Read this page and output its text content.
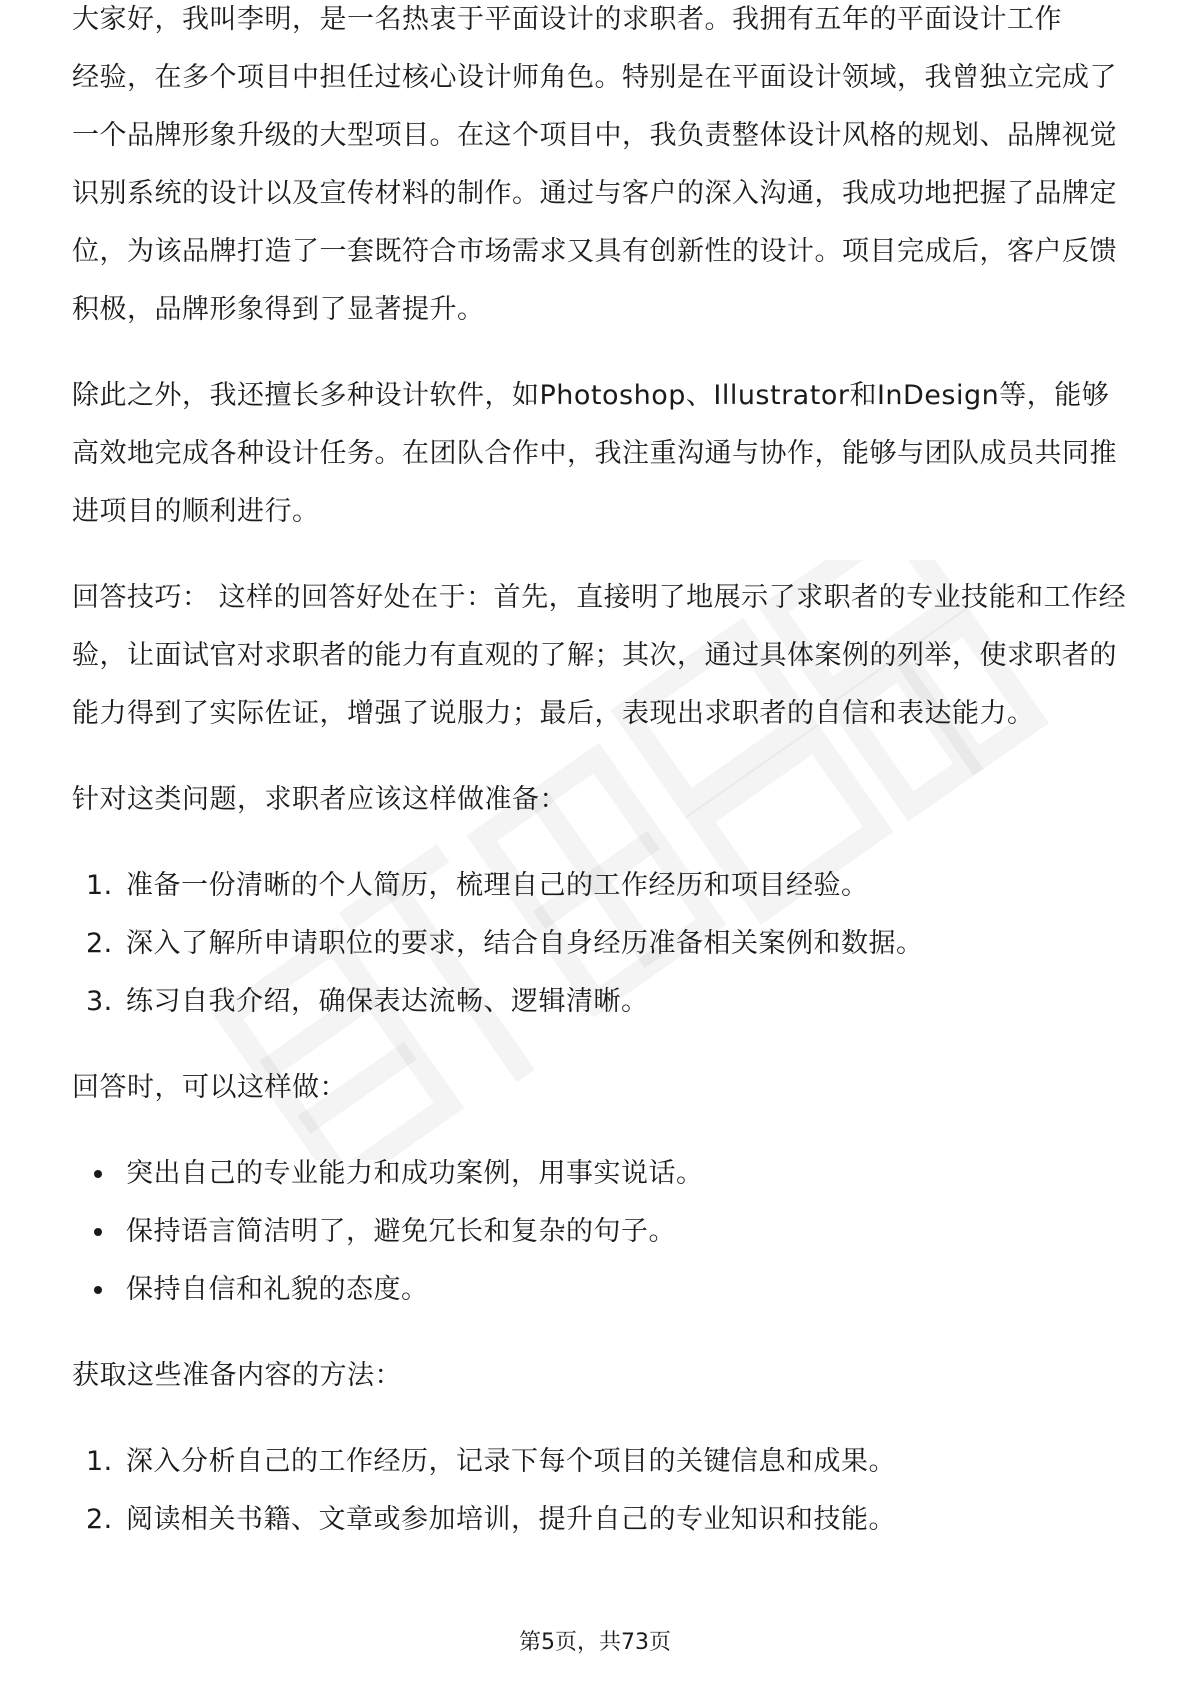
大家好，我叫李明，是一名热衷于平面设计的求职者。我拥有五年的平面设计工作

经验，在多个项目中担任过核心设计师角色。特别是在平面设计领域，我曾独立完成了一个品牌形象升级的大型项目。在这个项目中，我负责整体设计风格的规划、品牌视觉识别系统的设计以及宣传材料的制作。通过与客户的深入沟通，我成功地把握了品牌定位，为该品牌打造了一套既符合市场需求又具有创新性的设计。项目完成后，客户反馈积极，品牌形象得到了显著提升。

除此之外，我还擅长多种设计软件，如Photoshop、Illustrator和InDesign等，能够高效地完成各种设计任务。在团队合作中，我注重沟通与协作，能够与团队成员共同推进项目的顺利进行。

回答技巧： 这样的回答好处在于：首先，直接明了地展示了求职者的专业技能和工作经验，让面试官对求职者的能力有直观的了解；其次，通过具体案例的列举，使求职者的能力得到了实际佐证，增强了说服力；最后，表现出求职者的自信和表达能力。

针对这类问题，求职者应该这样做准备：

1. 准备一份清晰的个人简历，梳理自己的工作经历和项目经验。
2. 深入了解所申请职位的要求，结合自身经历准备相关案例和数据。
3. 练习自我介绍，确保表达流畅、逻辑清晰。

回答时，可以这样做：

突出自己的专业能力和成功案例，用事实说话。
保持语言简洁明了，避免冗长和复杂的句子。
保持自信和礼貌的态度。

获取这些准备内容的方法：

1. 深入分析自己的工作经历，记录下每个项目的关键信息和成果。
2. 阅读相关书籍、文章或参加培训，提升自己的专业知识和技能。
第5页，共73页
